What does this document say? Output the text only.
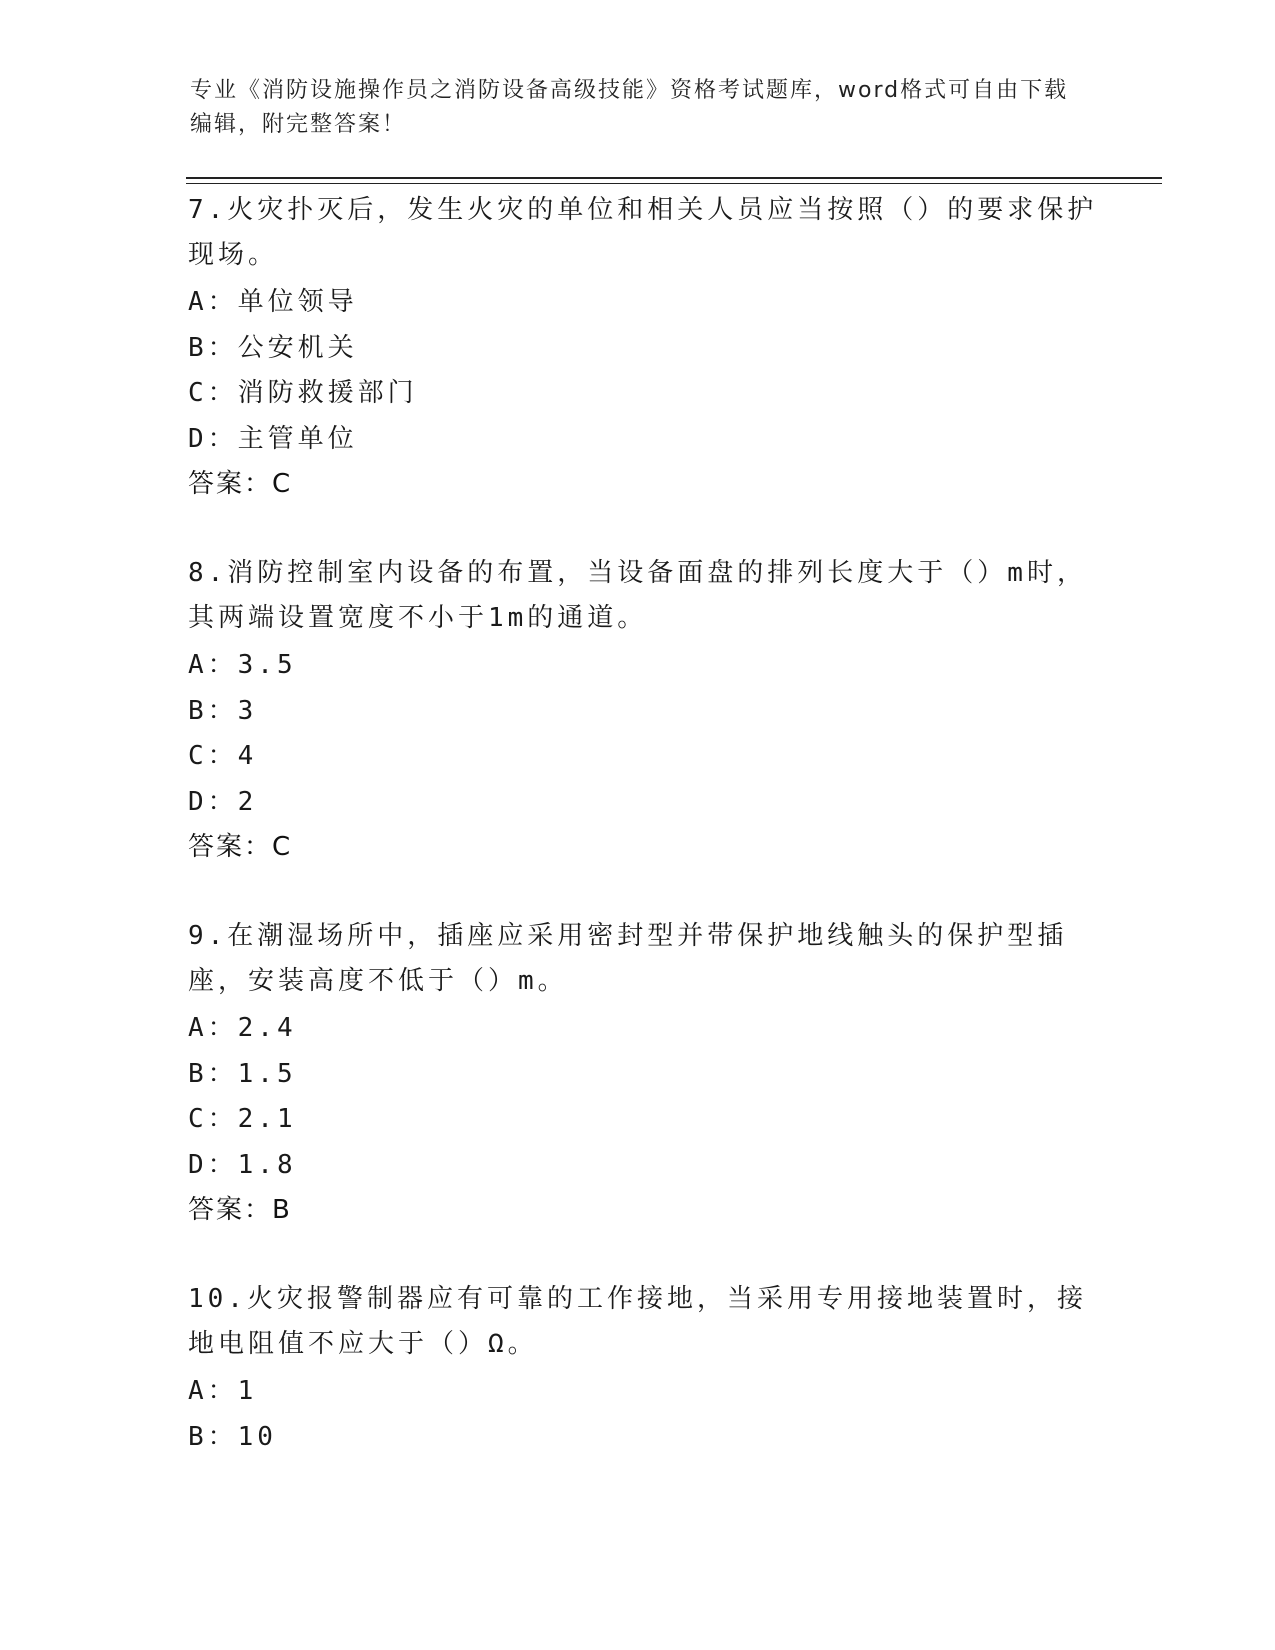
专业《消防设施操作员之消防设备高级技能》资格考试题库，word格式可自由下载编辑，附完整答案！
7.火灾扑灭后，发生火灾的单位和相关人员应当按照（）的要求保护现场。
A：单位领导
B：公安机关
C：消防救援部门
D：主管单位
答案：C
8.消防控制室内设备的布置，当设备面盘的排列长度大于（）m时，其两端设置宽度不小于1m的通道。
A：3.5
B：3
C：4
D：2
答案：C
9.在潮湿场所中，插座应采用密封型并带保护地线触头的保护型插座，安装高度不低于（）m。
A：2.4
B：1.5
C：2.1
D：1.8
答案：B
10.火灾报警制器应有可靠的工作接地，当采用专用接地装置时，接地电阻值不应大于（）Ω。
A：1
B：10
